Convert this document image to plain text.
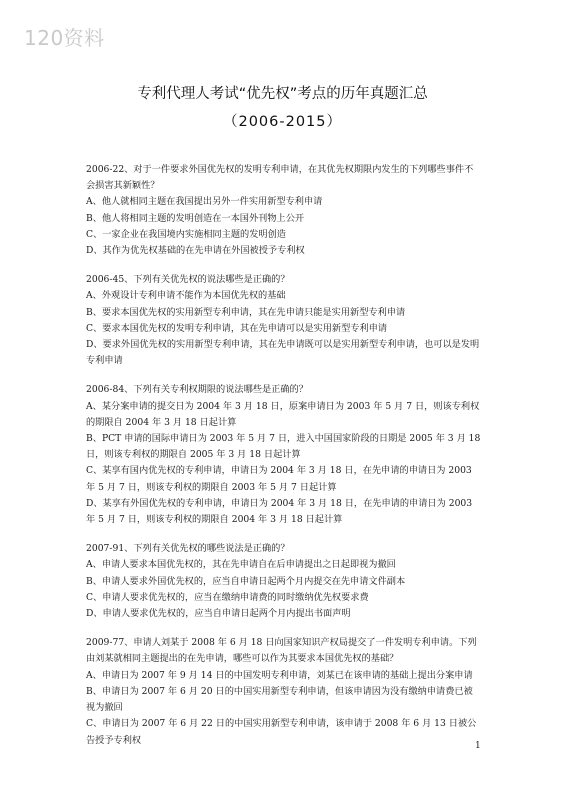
120资料
专利代理人考试“优先权”考点的历年真题汇总
（2006-2015）

2006-22、对于一件要求外国优先权的发明专利申请，在其优先权期限内发生的下列哪些事件不会损害其新颖性？

A、他人就相同主题在我国提出另外一件实用新型专利申请

B、他人将相同主题的发明创造在一本国外刊物上公开

C、一家企业在我国境内实施相同主题的发明创造

D、其作为优先权基础的在先申请在外国被授予专利权

2006-45、下列有关优先权的说法哪些是正确的？

A、外观设计专利申请不能作为本国优先权的基础

B、要求本国优先权的实用新型专利申请，其在先申请只能是实用新型专利申请

C、要求本国优先权的发明专利申请，其在先申请可以是实用新型专利申请

D、要求外国优先权的实用新型专利申请，其在先申请既可以是实用新型专利申请，也可以是发明专利申请

2006-84、下列有关专利权期限的说法哪些是正确的？

A、某分案申请的提交日为 2004 年 3 月 18 日，原案申请日为 2003 年 5 月 7 日，则该专利权的期限自 2004 年 3 月 18 日起计算

B、PCT 申请的国际申请日为 2003 年 5 月 7 日，进入中国国家阶段的日期是 2005 年 3 月 18 日，则该专利权的期限自 2005 年 3 月 18 日起计算

C、某享有国内优先权的专利申请，申请日为 2004 年 3 月 18 日，在先申请的申请日为 2003 年 5 月 7 日，则该专利权的期限自 2003 年 5 月 7 日起计算

D、某享有外国优先权的专利申请，申请日为 2004 年 3 月 18 日，在先申请的申请日为 2003 年 5 月 7 日，则该专利权的期限自 2004 年 3 月 18 日起计算

2007-91、下列有关优先权的哪些说法是正确的？

A、申请人要求本国优先权的，其在先申请自在后申请提出之日起即视为撤回

B、申请人要求外国优先权的，应当自申请日起两个月内提交在先申请文件副本

C、申请人要求优先权的，应当在缴纳申请费的同时缴纳优先权要求费

D、申请人要求优先权的，应当自申请日起两个月内提出书面声明

2009-77、申请人刘某于 2008 年 6 月 18 日向国家知识产权局提交了一件发明专利申请。下列由刘某就相同主题提出的在先申请，哪些可以作为其要求本国优先权的基础？

A、申请日为 2007 年 9 月 14 日的中国发明专利申请，刘某已在该申请的基础上提出分案申请

B、申请日为 2007 年 6 月 20 日的中国实用新型专利申请，但该申请因为没有缴纳申请费已被视为撤回

C、申请日为 2007 年 6 月 22 日的中国实用新型专利申请，该申请于 2008 年 6 月 13 日被公告授予专利权

1
